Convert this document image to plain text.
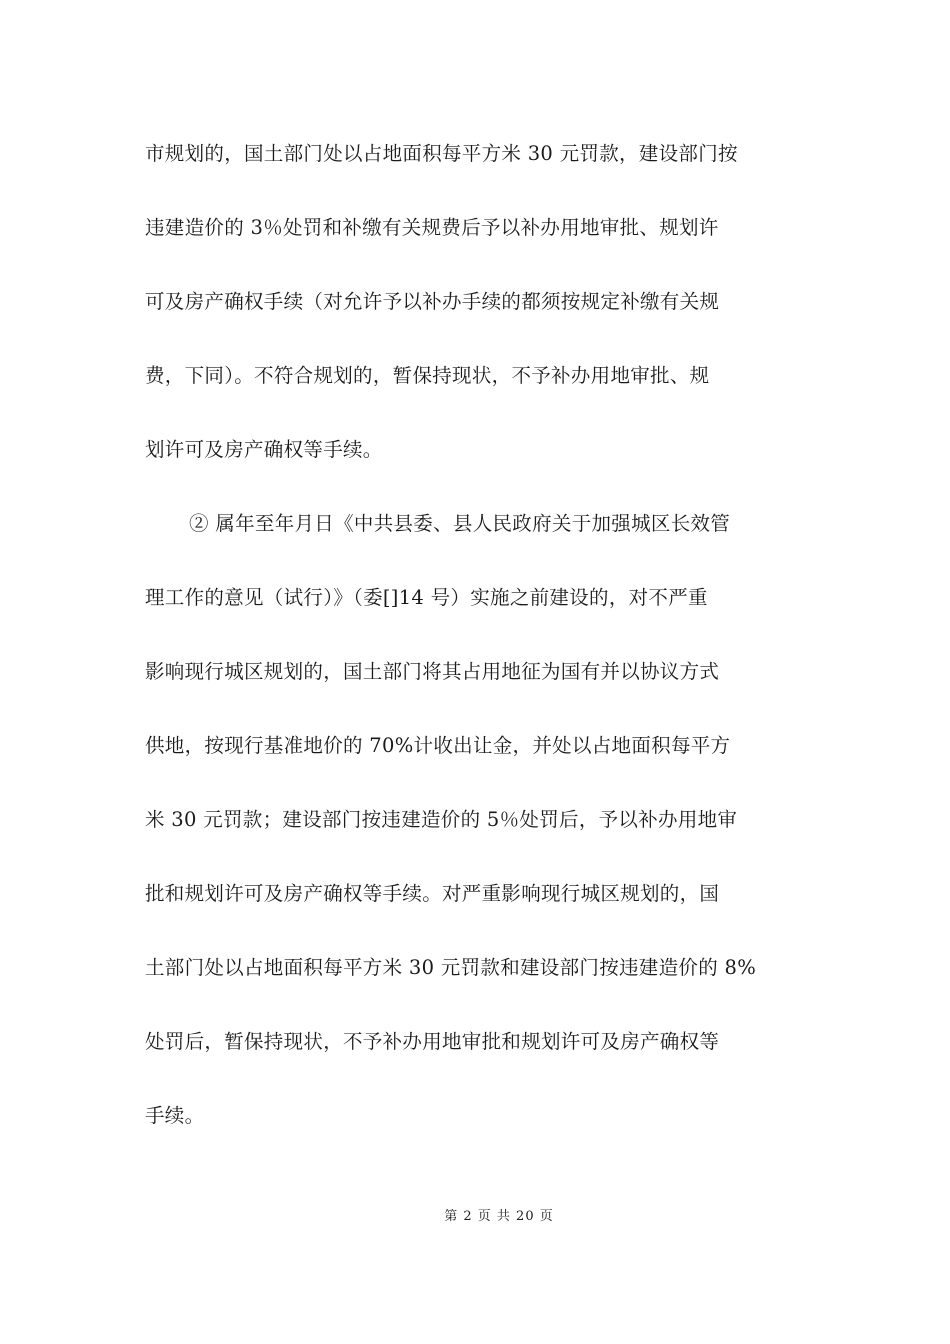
市规划的，国土部门处以占地面积每平方米 30 元罚款，建设部门按
违建造价的 3％处罚和补缴有关规费后予以补办用地审批、规划许
可及房产确权手续（对允许予以补办手续的都须按规定补缴有关规
费，下同）。不符合规划的，暂保持现状，不予补办用地审批、规
划许可及房产确权等手续。
② 属年至年月日《中共县委、县人民政府关于加强城区长效管
理工作的意见（试行）》（委[]14 号）实施之前建设的，对不严重
影响现行城区规划的，国土部门将其占用地征为国有并以协议方式
供地，按现行基准地价的 70%计收出让金，并处以占地面积每平方
米 30 元罚款；建设部门按违建造价的 5％处罚后，予以补办用地审
批和规划许可及房产确权等手续。对严重影响现行城区规划的，国
土部门处以占地面积每平方米 30 元罚款和建设部门按违建造价的 8%
处罚后，暂保持现状，不予补办用地审批和规划许可及房产确权等
手续。
第 2 页 共 20 页
